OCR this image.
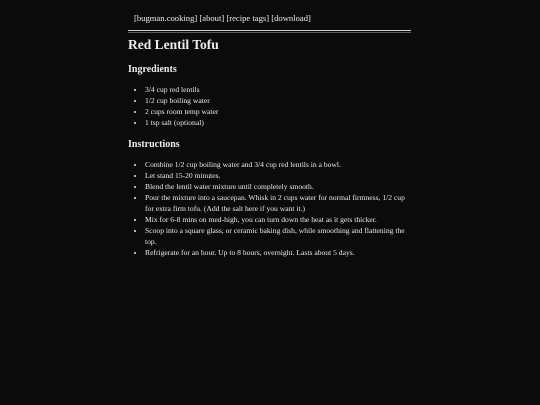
[bugman.cooking] [about] [recipe tags] [download]
Red Lentil Tofu
Ingredients
• 3/4 cup red lentils
• 1/2 cup boiling water
• 2 cups room temp water
• 1 tsp salt (optional)
Instructions
• Combine 1/2 cup boiling water and 3/4 cup red lentils in a bowl.
• Let stand 15-20 minutes.
• Blend the lentil water mixture until completely smooth.
• Pour the mixture into a saucepan. Whisk in 2 cups water for normal firmness, 1/2 cup for extra firm tofu. (Add the salt here if you want it.)
• Mix for 6-8 mins on med-high, you can turn down the heat as it gets thicker.
• Scoop into a square glass, or ceramic baking dish, while smoothing and flattening the top.
• Refrigerate for an hour. Up to 8 hours, overnight. Lasts about 5 days.
